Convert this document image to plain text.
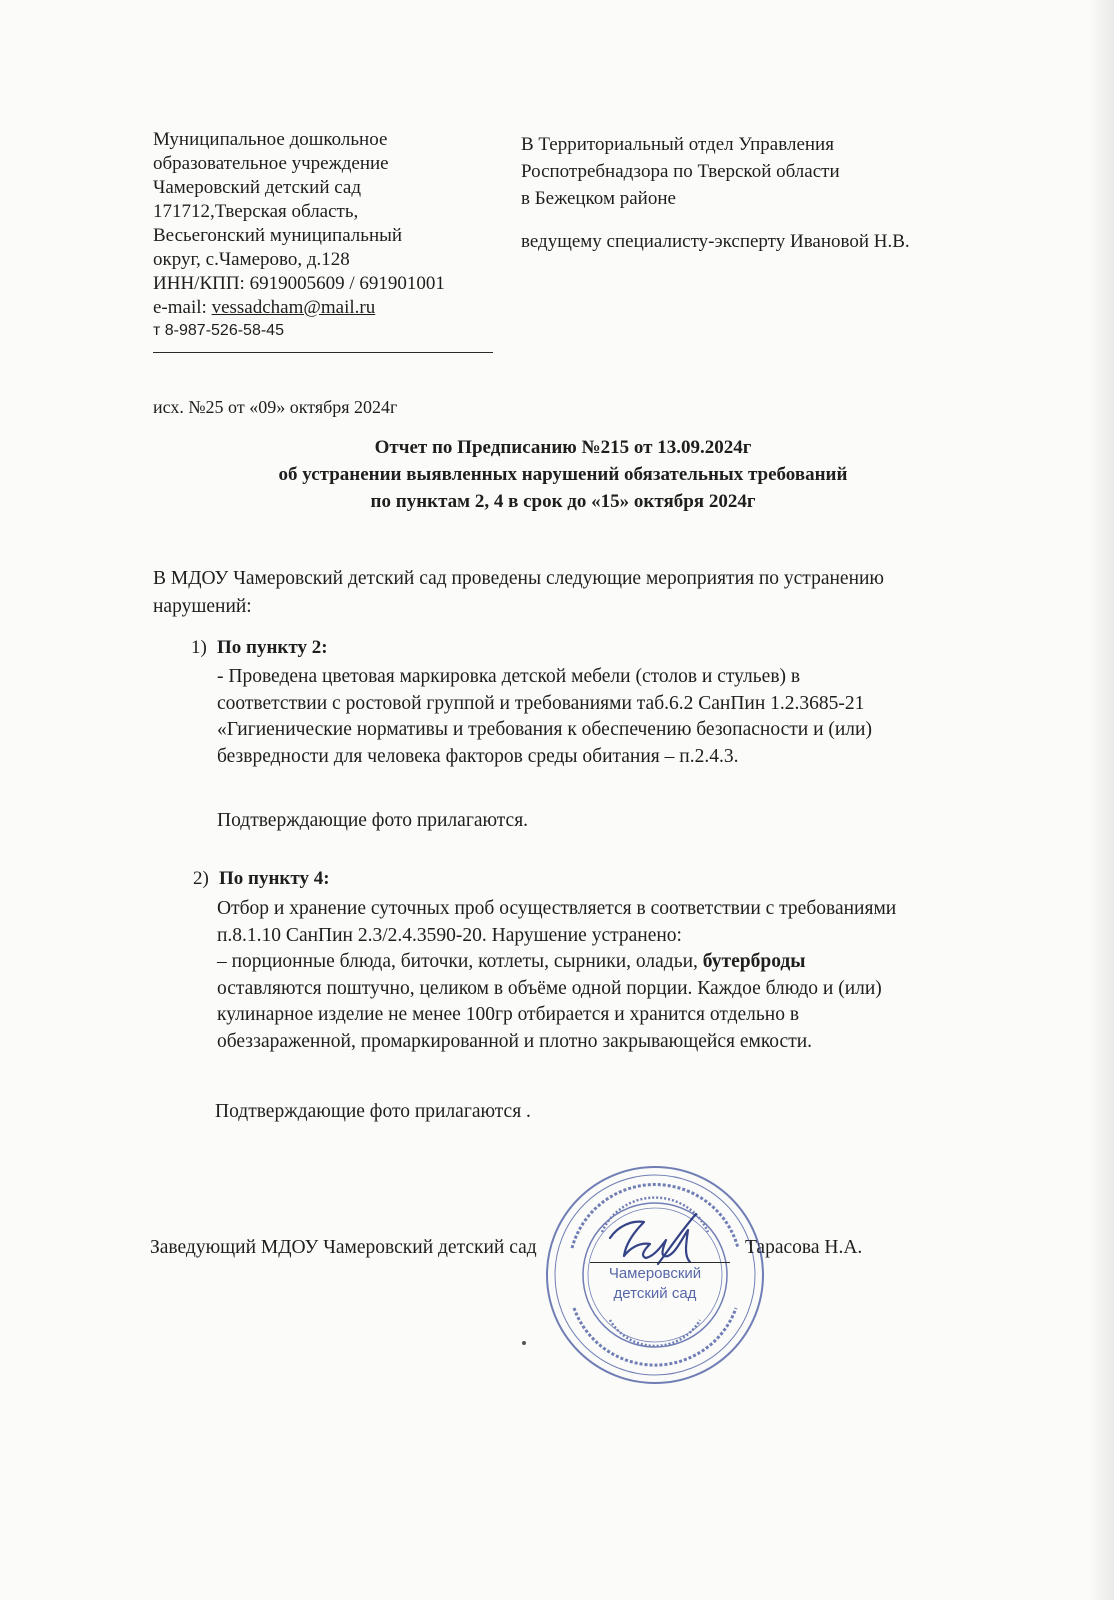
Муниципальное дошкольное
образовательное учреждение
Чамеровский детский сад
171712,Тверская область,
Весьегонский муниципальный
округ, с.Чамерово, д.128
ИНН/КПП: 6919005609 / 691901001
e-mail: vessadcham@mail.ru
т 8-987-526-58-45
В Территориальный отдел Управления
Роспотребнадзора по Тверской области
в Бежецком районе
ведущему специалисту-эксперту Ивановой Н.В.
исх. №25 от «09» октября 2024г
Отчет по Предписанию №215 от 13.09.2024г
об устранении выявленных нарушений обязательных требований
по пунктам 2, 4 в срок до «15» октября 2024г
В МДОУ Чамеровский детский сад проведены следующие мероприятия по устранению нарушений:
1) По пункту 2:
- Проведена цветовая маркировка детской мебели (столов и стульев) в
соответствии с ростовой группой и требованиями таб.6.2 СанПин 1.2.3685-21
«Гигиенические нормативы и требования к обеспечению безопасности и (или)
безвредности для человека факторов среды обитания – п.2.4.3.
Подтверждающие фото прилагаются.
2) По пункту 4:
Отбор и хранение суточных проб осуществляется в соответствии с требованиями
п.8.1.10 СанПин 2.3/2.4.3590-20. Нарушение устранено:
– порционные блюда, биточки, котлеты, сырники, оладьи, бутерброды
оставляются поштучно, целиком в объёме одной порции. Каждое блюдо и (или)
кулинарное изделие не менее 100гр отбирается и хранится отдельно в
обеззараженной, промаркированной и плотно закрывающейся емкости.
Подтверждающие фото прилагаются .
Чамеровский
детский сад
Заведующий МДОУ Чамеровский детский сад	Тарасова Н.А.
